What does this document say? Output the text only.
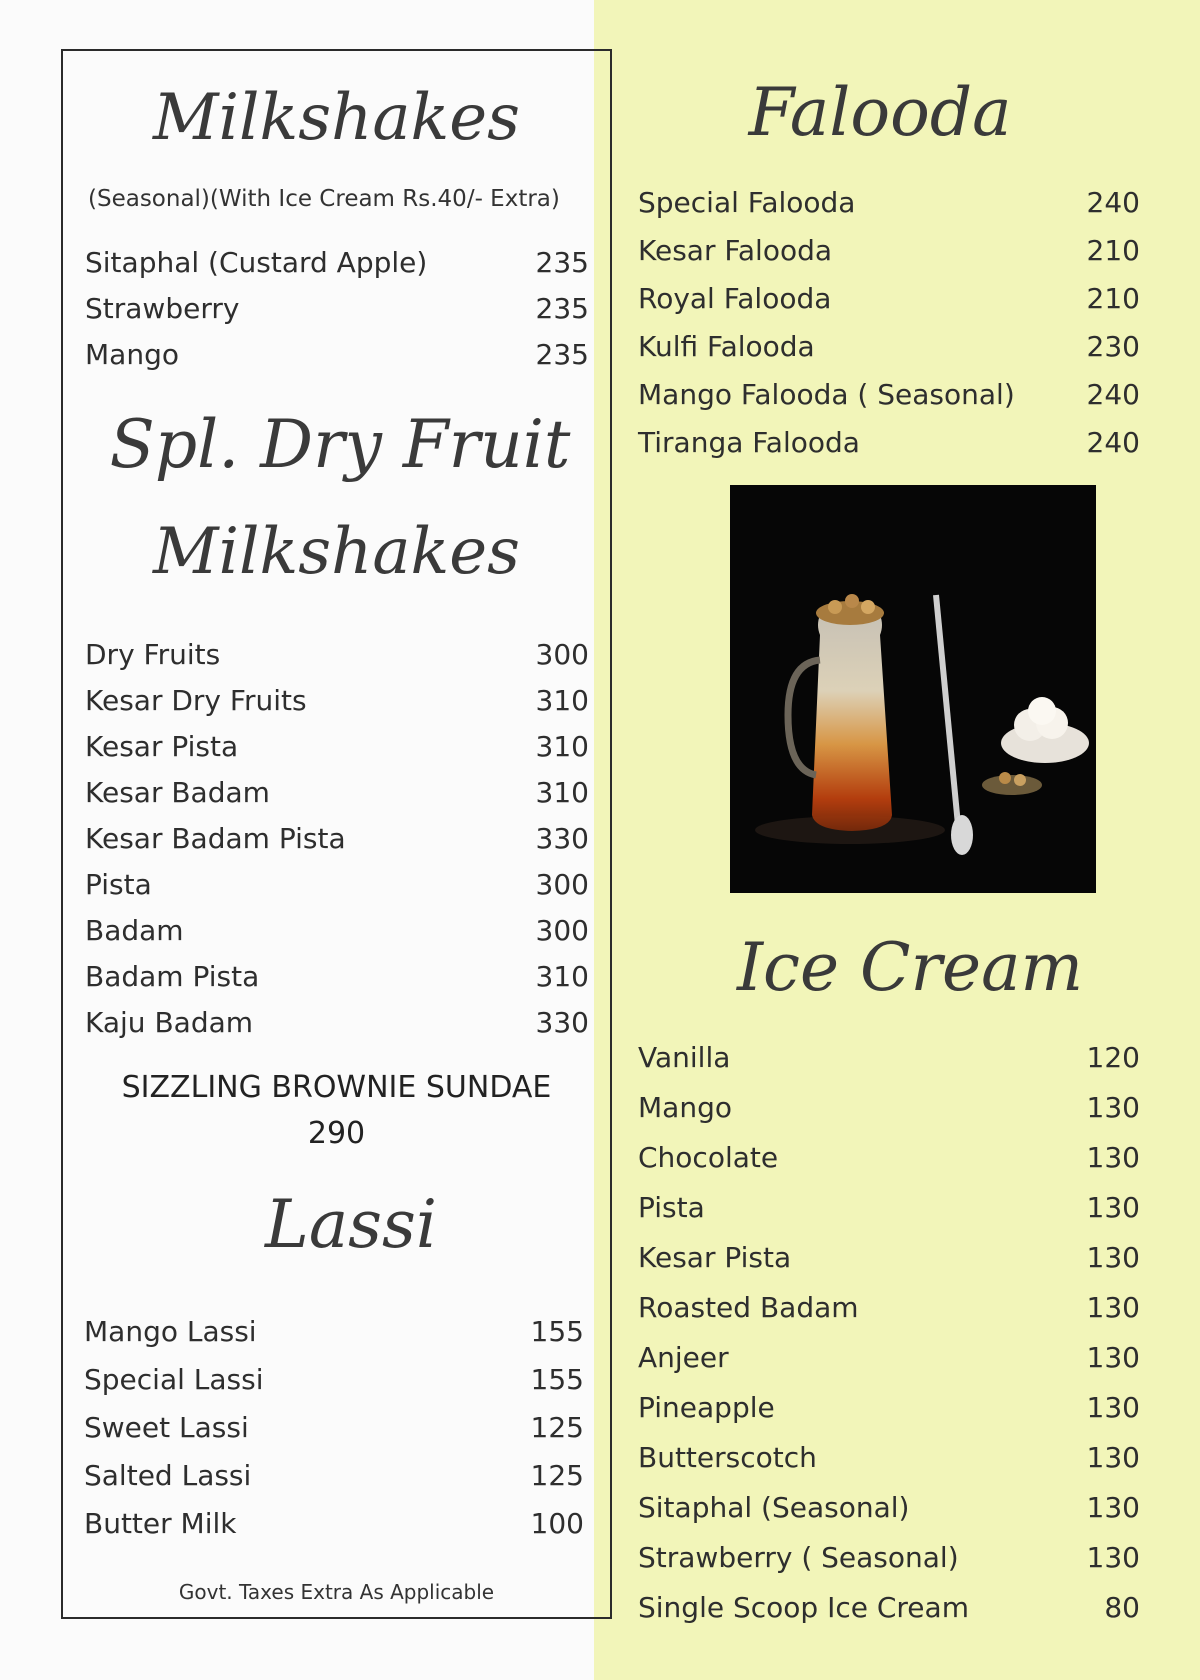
Milkshakes
(Seasonal)(With Ice Cream Rs.40/- Extra)
Sitaphal (Custard Apple)	235
Strawberry	235
Mango	235
Spl. Dry Fruit
Milkshakes
Dry Fruits	300
Kesar Dry Fruits	310
Kesar Pista	310
Kesar Badam	310
Kesar Badam Pista	330
Pista	300
Badam	300
Badam Pista	310
Kaju Badam	330
SIZZLING BROWNIE SUNDAE
290
Lassi
Mango Lassi	155
Special Lassi	155
Sweet Lassi	125
Salted Lassi	125
Butter Milk	100
Govt. Taxes Extra As Applicable
Falooda
Special Falooda	240
Kesar Falooda	210
Royal Falooda	210
Kulfi Falooda	230
Mango Falooda ( Seasonal)	240
Tiranga Falooda	240
Ice Cream
Vanilla	120
Mango	130
Chocolate	130
Pista	130
Kesar Pista	130
Roasted Badam	130
Anjeer	130
Pineapple	130
Butterscotch	130
Sitaphal (Seasonal)	130
Strawberry ( Seasonal)	130
Single Scoop Ice Cream	80
